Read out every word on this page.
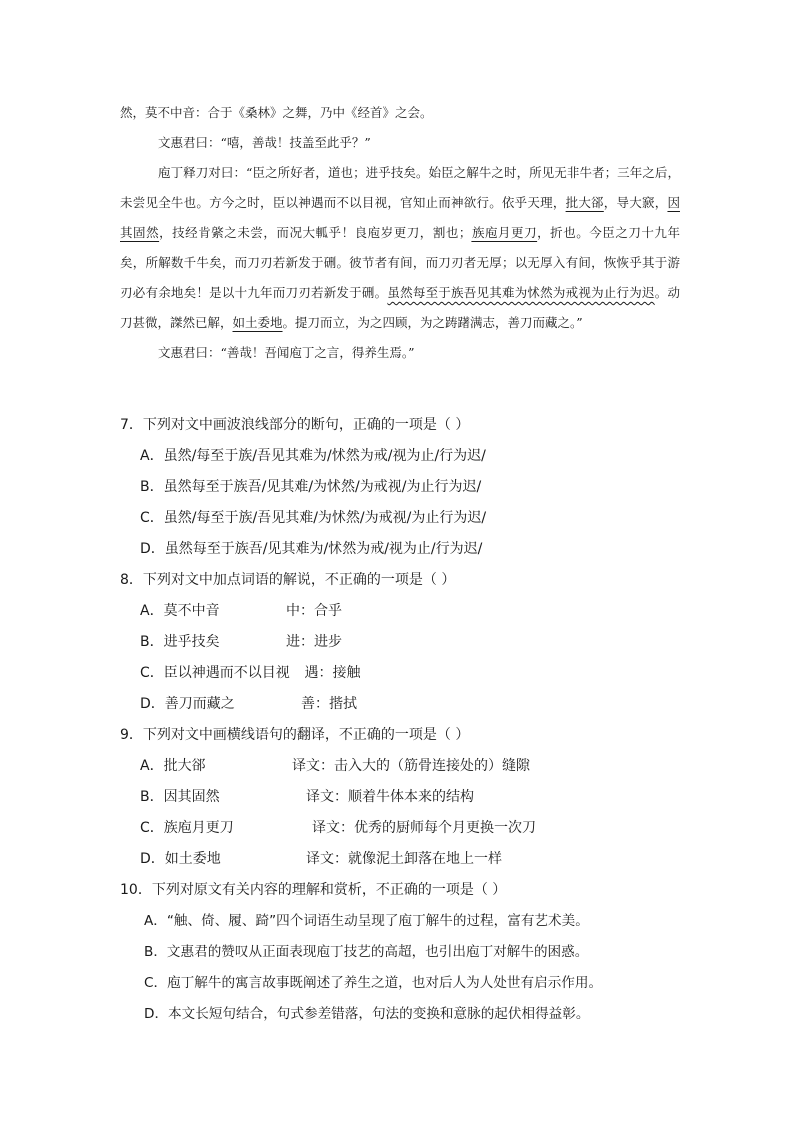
然，莫不中音：合于《桑林》之舞，乃中《经首》之会。

文惠君曰：“嘻，善哉！技盖至此乎？”

庖丁释刀对曰：“臣之所好者，道也；进乎技矣。始臣之解牛之时，所见无非牛者；三年之后，未尝见全牛也。方今之时，臣以神遇而不以目视，官知止而神欲行。依乎天理，批大郤，导大窾，因其固然，技经肯綮之未尝，而况大軱乎！良庖岁更刀，割也；族庖月更刀，折也。今臣之刀十九年矣，所解数千牛矣，而刀刃若新发于硎。彼节者有间，而刀刃者无厚；以无厚入有间，恢恢乎其于游刃必有余地矣！是以十九年而刀刃若新发于硎。虽然每至于族吾见其难为怵然为戒视为止行为迟。动刀甚微，謋然已解，如土委地。提刀而立，为之四顾，为之踌躇满志，善刀而藏之。”

文惠君曰：“善哉！吾闻庖丁之言，得养生焉。”

7．下列对文中画波浪线部分的断句，正确的一项是（ ）

A．虽然/每至于族/吾见其难为/怵然为戒/视为止/行为迟/

B．虽然每至于族吾/见其难/为怵然/为戒视/为止行为迟/

C．虽然/每至于族/吾见其难/为怵然/为戒视/为止行为迟/

D．虽然每至于族吾/见其难为/怵然为戒/视为止/行为迟/

8．下列对文中加点词语的解说，不正确的一项是（ ）

A．莫不中音	中：合乎

B．进乎技矣	进：进步

C．臣以神遇而不以目视 遇：接触

D．善刀而藏之	善：揩拭

9．下列对文中画横线语句的翻译，不正确的一项是（ ）

A．批大郤	译文：击入大的（筋骨连接处的）缝隙

B．因其固然	译文：顺着牛体本来的结构

C．族庖月更刀	译文：优秀的厨师每个月更换一次刀

D．如土委地	译文：就像泥土卸落在地上一样

10．下列对原文有关内容的理解和赏析，不正确的一项是（ ）

A．“触、倚、履、踦”四个词语生动呈现了庖丁解牛的过程，富有艺术美。

B．文惠君的赞叹从正面表现庖丁技艺的高超，也引出庖丁对解牛的困惑。

C．庖丁解牛的寓言故事既阐述了养生之道，也对后人为人处世有启示作用。

D．本文长短句结合，句式参差错落，句法的变换和意脉的起伏相得益彰。
